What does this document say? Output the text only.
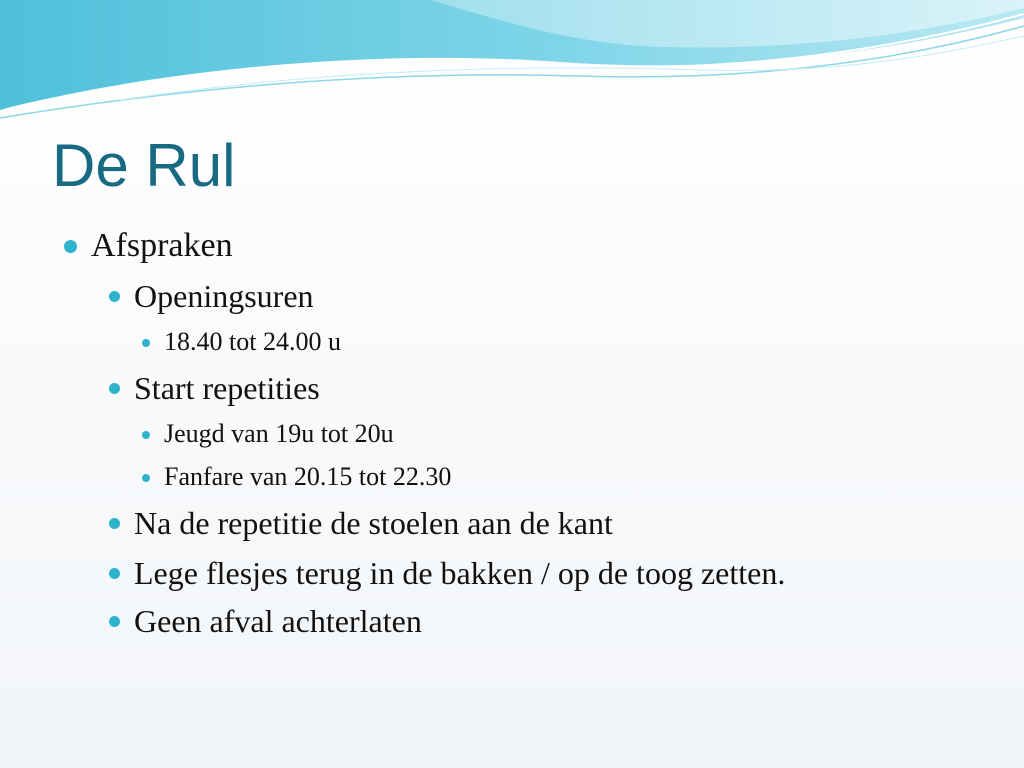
De Rul
Afspraken
Openingsuren
18.40 tot 24.00 u
Start repetities
Jeugd van 19u tot 20u
Fanfare van 20.15 tot 22.30
Na de repetitie de stoelen aan de kant
Lege flesjes terug in de bakken / op de toog zetten.
Geen afval achterlaten
